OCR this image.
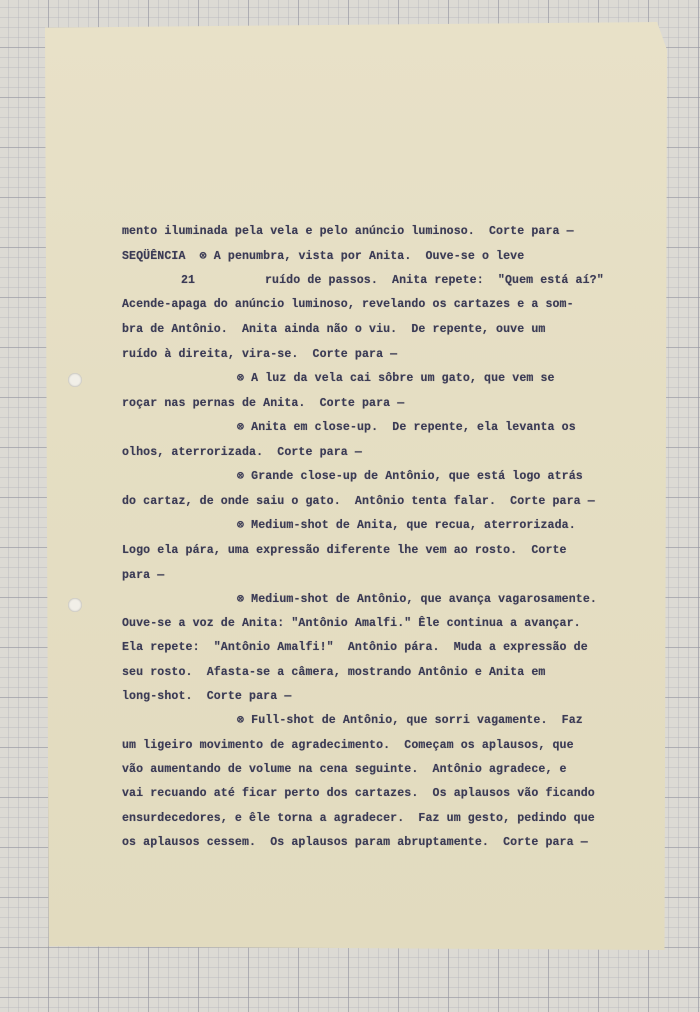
mento iluminada pela vela e pelo anúncio luminoso.  Corte para —
SEQÜÊNCIA  ⊗ A penumbra, vista por Anita.  Ouve-se o leve
21	ruído de passos.  Anita repete:  "Quem está aí?"
Acende-apaga do anúncio luminoso, revelando os cartazes e a som-
bra de Antônio.  Anita ainda não o viu.  De repente, ouve um
ruído à direita, vira-se.  Corte para —
⊗ A luz da vela cai sôbre um gato, que vem se
roçar nas pernas de Anita.  Corte para —
⊗ Anita em close-up.  De repente, ela levanta os
olhos, aterrorizada.  Corte para —
⊗ Grande close-up de Antônio, que está logo atrás
do cartaz, de onde saiu o gato.  Antônio tenta falar.  Corte para —
⊗ Medium-shot de Anita, que recua, aterrorizada.
Logo ela pára, uma expressão diferente lhe vem ao rosto.  Corte
para —
⊗ Medium-shot de Antônio, que avança vagarosamente.
Ouve-se a voz de Anita: "Antônio Amalfi." Êle continua a avançar.
Ela repete:  "Antônio Amalfi!"  Antônio pára.  Muda a expressão de
seu rosto.  Afasta-se a câmera, mostrando Antônio e Anita em
long-shot.  Corte para —
⊗ Full-shot de Antônio, que sorri vagamente.  Faz
um ligeiro movimento de agradecimento.  Começam os aplausos, que
vão aumentando de volume na cena seguinte.  Antônio agradece, e
vai recuando até ficar perto dos cartazes.  Os aplausos vão ficando
ensurdecedores, e êle torna a agradecer.  Faz um gesto, pedindo que
os aplausos cessem.  Os aplausos param abruptamente.  Corte para —
